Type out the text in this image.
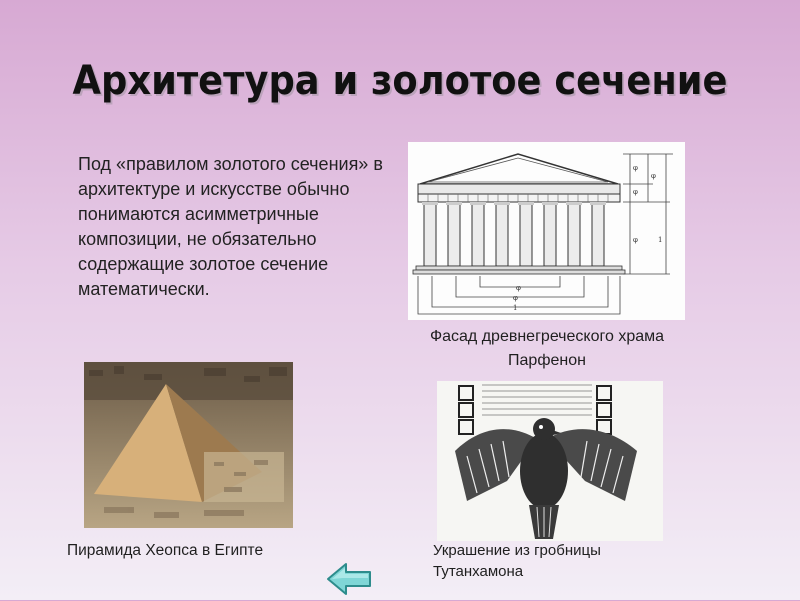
Архитетура и золотое сечение
Под «правилом золотого сечения» в архитектуре и искусстве обычно понимаются асимметричные композиции, не обязательно содержащие золотое сечение математически.
1
φ
φ
φ
φ
φ
1
φ
Фасад древнегреческого храма Парфенон
Пирамида Хеопса в Египте	Украшение из гробницы Тутанхамона
